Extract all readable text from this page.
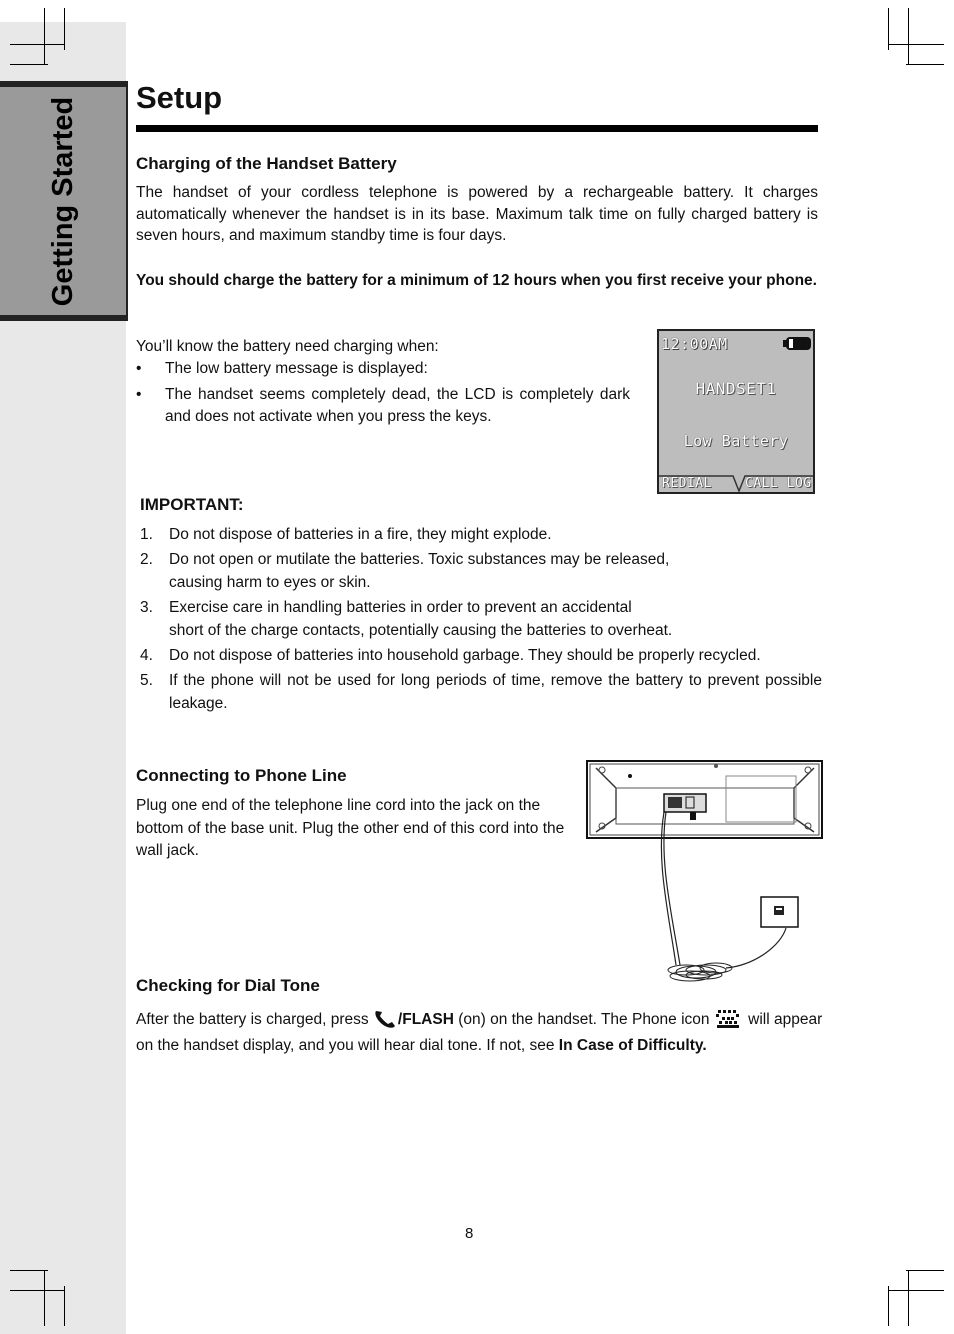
Getting Started Setup
Charging of the Handset Battery

The handset of your cordless telephone is powered by a rechargeable battery. It charges automatically whenever the handset is in its base. Maximum talk time on fully charged battery is seven hours, and maximum standby time is four days.

You should charge the battery for a minimum of 12 hours when you first receive your phone.

You’ll know the battery need charging when:

• The low battery message is displayed:
• The handset seems completely dead, the LCD is completely dark and does not activate when you press the keys.
12:00AM
HANDSET1
Low Battery
REDIAL	CALL LOG
IMPORTANT:
1. Do not dispose of batteries in a fire, they might explode.
2. Do not open or mutilate the batteries. Toxic substances may be released,
causing harm to eyes or skin.
3. Exercise care in handling batteries in order to prevent an accidental
short of the charge contacts, potentially causing the batteries to overheat.
4. Do not dispose of batteries into household garbage. They should be properly recycled.
5. If the phone will not be used for long periods of time, remove the battery to prevent possible leakage.
Connecting to Phone Line

Plug one end of the telephone line cord into the jack on the bottom of the base unit. Plug the other end of this cord into the wall jack.

Checking for Dial Tone

After the battery is charged, press /FLASH (on) on the handset. The Phone icon  will appear on the handset display, and you will hear dial tone. If not, see In Case of Difficulty.

8
